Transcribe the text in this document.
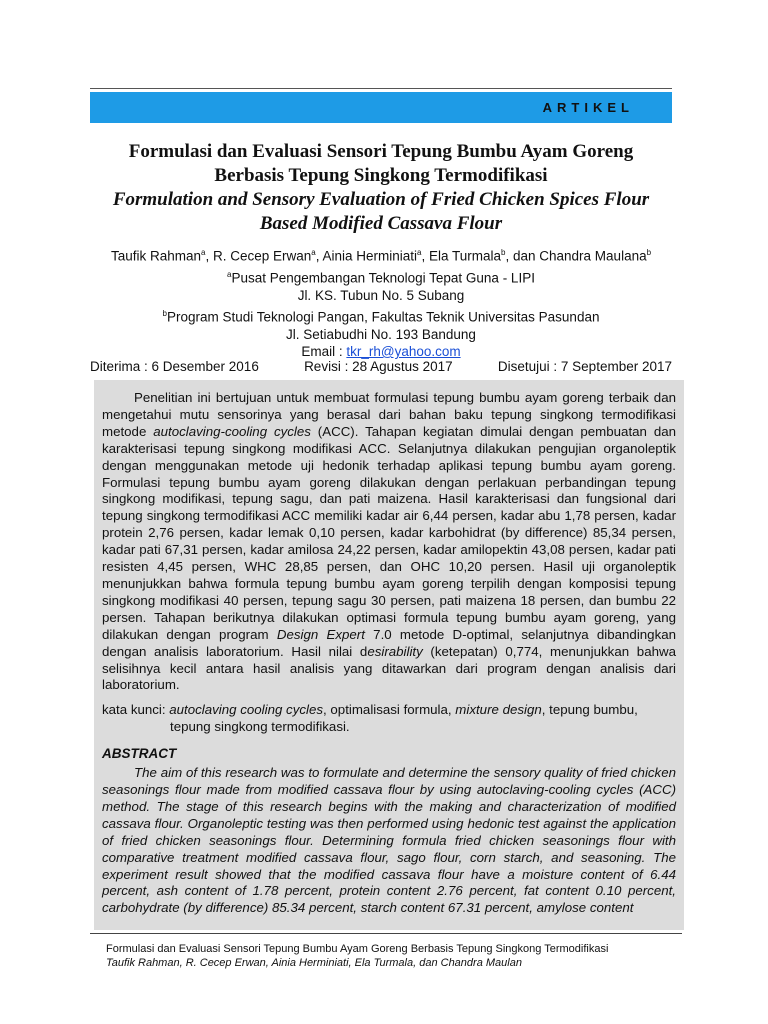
ARTIKEL

Formulasi dan Evaluasi Sensori Tepung Bumbu Ayam Goreng

Berbasis Tepung Singkong Termodifikasi

Formulation and Sensory Evaluation of Fried Chicken Spices Flour

Based Modified Cassava Flour

Taufik Rahman$^a$, R. Cecep Erwan$^a$, Ainia Herminiati$^a$, Ela Turmala$^b$, dan Chandra Maulana$^b$
$^a$Pusat Pengembangan Teknologi Tepat Guna - LIPI
Jl. KS. Tubun No. 5 Subang
$^b$Program Studi Teknologi Pangan, Fakultas Teknik Universitas Pasundan
Jl. Setiabudhi No. 193 Bandung
Email : tkr_rh@yahoo.com
Diterima : 6 Desember 2016	Revisi : 28 Agustus 2017	Disetujui : 7 September 2017

Penelitian ini bertujuan untuk membuat formulasi tepung bumbu ayam goreng terbaik dan mengetahui mutu sensorinya yang berasal dari bahan baku tepung singkong termodifikasi metode autoclaving-cooling cycles (ACC). Tahapan kegiatan dimulai dengan pembuatan dan karakterisasi tepung singkong modifikasi ACC. Selanjutnya dilakukan pengujian organoleptik dengan menggunakan metode uji hedonik terhadap aplikasi tepung bumbu ayam goreng. Formulasi tepung bumbu ayam goreng dilakukan dengan perlakuan perbandingan tepung singkong modifikasi, tepung sagu, dan pati maizena. Hasil karakterisasi dan fungsional dari tepung singkong termodifikasi ACC memiliki kadar air 6,44 persen, kadar abu 1,78 persen, kadar protein 2,76 persen, kadar lemak 0,10 persen, kadar karbohidrat (by difference) 85,34 persen, kadar pati 67,31 persen, kadar amilosa 24,22 persen, kadar amilopektin 43,08 persen, kadar pati resisten 4,45 persen, WHC 28,85 persen, dan OHC 10,20 persen. Hasil uji organoleptik menunjukkan bahwa formula tepung bumbu ayam goreng terpilih dengan komposisi tepung singkong modifikasi 40 persen, tepung sagu 30 persen, pati maizena 18 persen, dan bumbu 22 persen. Tahapan berikutnya dilakukan optimasi formula tepung bumbu ayam goreng, yang dilakukan dengan program Design Expert 7.0 metode D-optimal, selanjutnya dibandingkan dengan analisis laboratorium. Hasil nilai desirability (ketepatan) 0,774, menunjukkan bahwa selisihnya kecil antara hasil analisis yang ditawarkan dari program dengan analisis dari laboratorium.

kata kunci: autoclaving cooling cycles, optimalisasi formula, mixture design, tepung bumbu, tepung singkong termodifikasi.

ABSTRACT

The aim of this research was to formulate and determine the sensory quality of fried chicken seasonings flour made from modified cassava flour by using autoclaving-cooling cycles (ACC) method. The stage of this research begins with the making and characterization of modified cassava flour. Organoleptic testing was then performed using hedonic test against the application of fried chicken seasonings flour. Determining formula fried chicken seasonings flour with comparative treatment modified cassava flour, sago flour, corn starch, and seasoning. The experiment result showed that the modified cassava flour have a moisture content of 6.44 percent, ash content of 1.78 percent, protein content 2.76 percent, fat content 0.10 percent, carbohydrate (by difference) 85.34 percent, starch content 67.31 percent, amylose content

Formulasi dan Evaluasi Sensori Tepung Bumbu Ayam Goreng Berbasis Tepung Singkong Termodifikasi
Taufik Rahman, R. Cecep Erwan, Ainia Herminiati, Ela Turmala, dan Chandra Maulan
